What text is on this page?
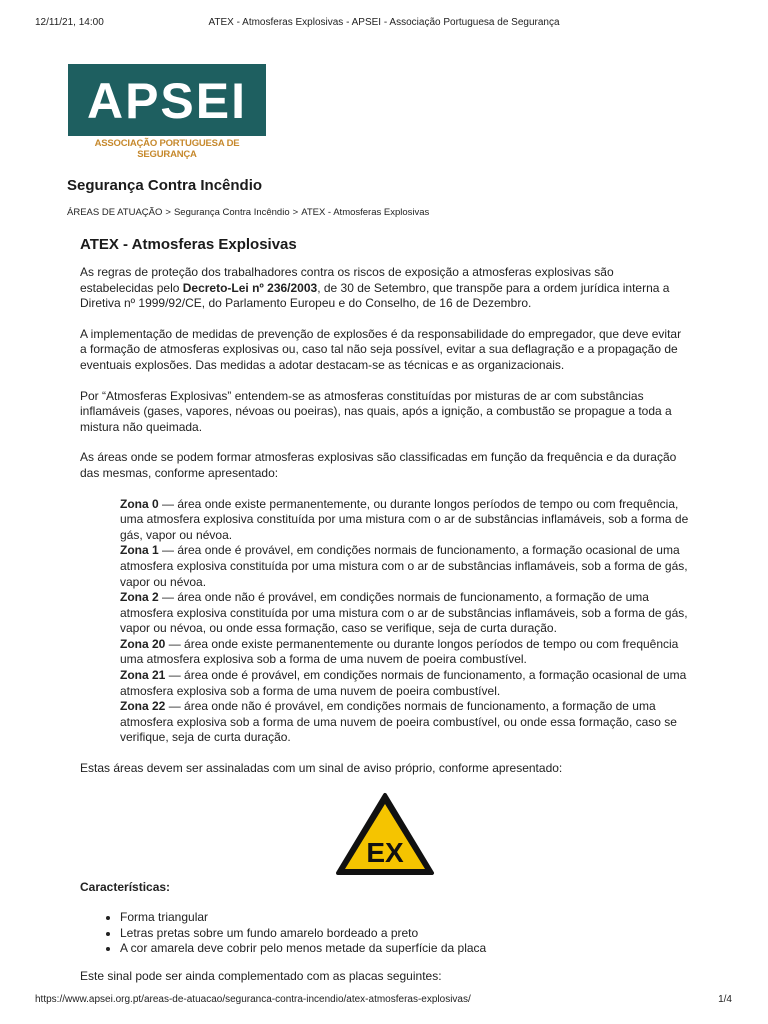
12/11/21, 14:00	ATEX - Atmosferas Explosivas - APSEI - Associação Portuguesa de Segurança
APSEI
ASSOCIAÇÃO PORTUGUESA DE SEGURANÇA
Segurança Contra Incêndio
ÁREAS DE ATUAÇÃO > Segurança Contra Incêndio > ATEX - Atmosferas Explosivas
ATEX - Atmosferas Explosivas

As regras de proteção dos trabalhadores contra os riscos de exposição a atmosferas explosivas são estabelecidas pelo Decreto-Lei nº 236/2003, de 30 de Setembro, que transpõe para a ordem jurídica interna a Diretiva nº 1999/92/CE, do Parlamento Europeu e do Conselho, de 16 de Dezembro.

A implementação de medidas de prevenção de explosões é da responsabilidade do empregador, que deve evitar a formação de atmosferas explosivas ou, caso tal não seja possível, evitar a sua deflagração e a propagação de eventuais explosões. Das medidas a adotar destacam-se as técnicas e as organizacionais.

Por “Atmosferas Explosivas” entendem-se as atmosferas constituídas por misturas de ar com substâncias inflamáveis (gases, vapores, névoas ou poeiras), nas quais, após a ignição, a combustão se propague a toda a mistura não queimada.

As áreas onde se podem formar atmosferas explosivas são classificadas em função da frequência e da duração das mesmas, conforme apresentado:

Zona 0 — área onde existe permanentemente, ou durante longos períodos de tempo ou com frequência, uma atmosfera explosiva constituída por uma mistura com o ar de substâncias inflamáveis, sob a forma de gás, vapor ou névoa.
Zona 1 — área onde é provável, em condições normais de funcionamento, a formação ocasional de uma atmosfera explosiva constituída por uma mistura com o ar de substâncias inflamáveis, sob a forma de gás, vapor ou névoa.
Zona 2 — área onde não é provável, em condições normais de funcionamento, a formação de uma atmosfera explosiva constituída por uma mistura com o ar de substâncias inflamáveis, sob a forma de gás, vapor ou névoa, ou onde essa formação, caso se verifique, seja de curta duração.
Zona 20 — área onde existe permanentemente ou durante longos períodos de tempo ou com frequência uma atmosfera explosiva sob a forma de uma nuvem de poeira combustível.
Zona 21 — área onde é provável, em condições normais de funcionamento, a formação ocasional de uma atmosfera explosiva sob a forma de uma nuvem de poeira combustível.
Zona 22 — área onde não é provável, em condições normais de funcionamento, a formação de uma atmosfera explosiva sob a forma de uma nuvem de poeira combustível, ou onde essa formação, caso se verifique, seja de curta duração.

Estas áreas devem ser assinaladas com um sinal de aviso próprio, conforme apresentado:

EX

Características:

• Forma triangular
• Letras pretas sobre um fundo amarelo bordeado a preto
• A cor amarela deve cobrir pelo menos metade da superfície da placa

Este sinal pode ser ainda complementado com as placas seguintes:

https://www.apsei.org.pt/areas-de-atuacao/seguranca-contra-incendio/atex-atmosferas-explosivas/	1/4
